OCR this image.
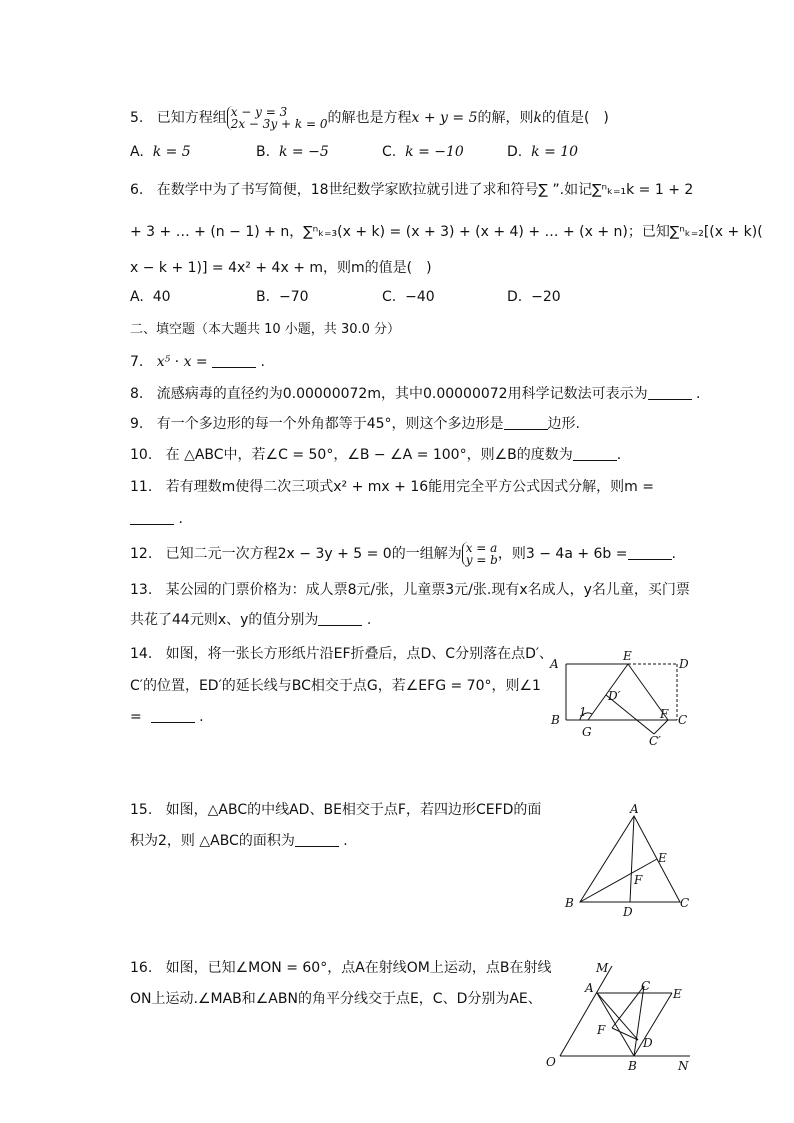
5. 已知方程组 x − y = 3
2x − 3y + k = 0的解也是方程x + y = 5的解，则k的值是(　)
A. k = 5	B. k = −5	C. k = −10	D. k = 10
6. 在数学中为了书写简便，18世纪数学家欧拉就引进了求和符号∑ ”.如记∑ⁿₖ₌₁k = 1 + 2
+ 3 + … + (n − 1) + n，∑ⁿₖ₌₃(x + k) = (x + 3) + (x + 4) + … + (x + n)；已知∑ⁿₖ₌₂[(x + k)(
x − k + 1)] = 4x² + 4x + m，则m的值是(　)
A. 40	B. −70	C. −40	D. −20
二、填空题（本大题共 10 小题，共 30.0 分）
7. x⁵ · x =	.
8. 流感病毒的直径约为0.00000072m，其中0.00000072用科学记数法可表示为	.
9. 有一个多边形的每一个外角都等于45°，则这个多边形是	边形.
10. 在 △ABC中，若∠C = 50°，∠B − ∠A = 100°，则∠B的度数为	.
11. 若有理数m使得二次三项式x² + mx + 16能用完全平方公式因式分解，则m =
.
12. 已知二元一次方程2x − 3y + 5 = 0的一组解为 x = a
y = b，则3 − 4a + 6b =	.
13. 某公园的门票价格为：成人票8元/张，儿童票3元/张.现有x名成人，y名儿童，买门票
共花了44元则x、y的值分别为	.
14. 如图，将一张长方形纸片沿EF折叠后，点D、C分别落在点D′、
C′的位置，ED′的延长线与BC相交于点G，若∠EFG = 70°，则∠1
=	.
A
E
D
D′
B
1
G
F C
C′
15. 如图，△ABC的中线AD、BE相交于点F，若四边形CEFD的面
积为2，则 △ABC的面积为	.
A
E
F
B
D
C
16. 如图，已知∠MON = 60°，点A在射线OM上运动，点B在射线
ON上运动.∠MAB和∠ABN的角平分线交于点E，C、D分别为AE、
M
A	C
E
F
D
O	B	N
